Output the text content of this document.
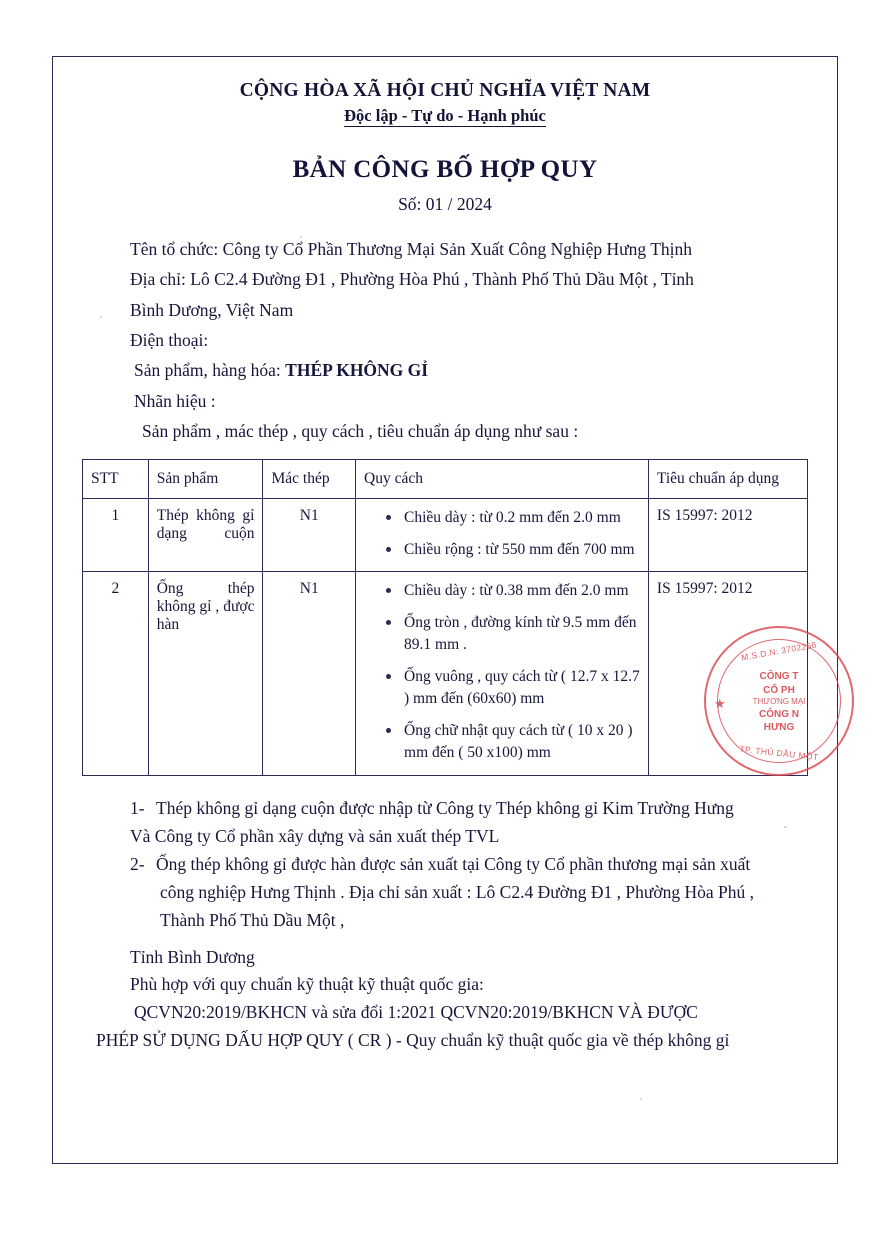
CỘNG HÒA XÃ HỘI CHỦ NGHĨA VIỆT NAM
Độc lập - Tự do - Hạnh phúc
BẢN CÔNG BỐ HỢP QUY
Số: 01 / 2024

Tên tổ chức: Công ty Cổ Phần Thương Mại Sản Xuất Công Nghiệp Hưng Thịnh

Địa chỉ: Lô C2.4 Đường Đ1 , Phường Hòa Phú , Thành Phố Thủ Dầu Một , Tỉnh

Bình Dương, Việt Nam

Điện thoại:

Sản phẩm, hàng hóa: THÉP KHÔNG GỈ

Nhãn hiệu :

Sản phẩm , mác thép , quy cách , tiêu chuẩn áp dụng như sau :

STT	Sản phẩm	Mác thép	Quy cách	Tiêu chuẩn áp dụng
1	Thép không gỉ dạng cuộn	N1	Chiều dày : từ 0.2 mm đến 2.0 mm
Chiều rộng : từ 550 mm đến 700 mm
	IS 15997: 2012
2	Ống thép không gỉ , được hàn	N1	Chiều dày : từ 0.38 mm đến 2.0 mm
Ống tròn , đường kính từ 9.5 mm đến 89.1 mm .
Ống vuông , quy cách từ ( 12.7 x 12.7 ) mm đến (60x60) mm
Ống chữ nhật quy cách từ ( 10 x 20 ) mm đến ( 50 x100) mm
	IS 15997: 2012
1- Thép không gỉ dạng cuộn được nhập từ Công ty Thép không gỉ Kim Trường Hưng
Và Công ty Cổ phần xây dựng và sản xuất thép TVL
2- Ống thép không gỉ được hàn được sản xuất tại Công ty Cổ phần thương mại sản xuất
công nghiệp Hưng Thịnh . Địa chỉ sản xuất : Lô C2.4 Đường Đ1 , Phường Hòa Phú ,
Thành Phố Thủ Dầu Một ,
Tỉnh Bình Dương
Phù hợp với quy chuẩn kỹ thuật kỹ thuật quốc gia:
QCVN20:2019/BKHCN và sửa đổi 1:2021 QCVN20:2019/BKHCN VÀ ĐƯỢC
PHÉP SỬ DỤNG DẤU HỢP QUY ( CR ) - Quy chuẩn kỹ thuật quốc gia về thép không gỉ
★
M.S.D.N: 3702266
CÔNG T
CỔ PH
THƯƠNG MẠI
CÔNG N
HƯNG
TP. THỦ DẦU MỘT
